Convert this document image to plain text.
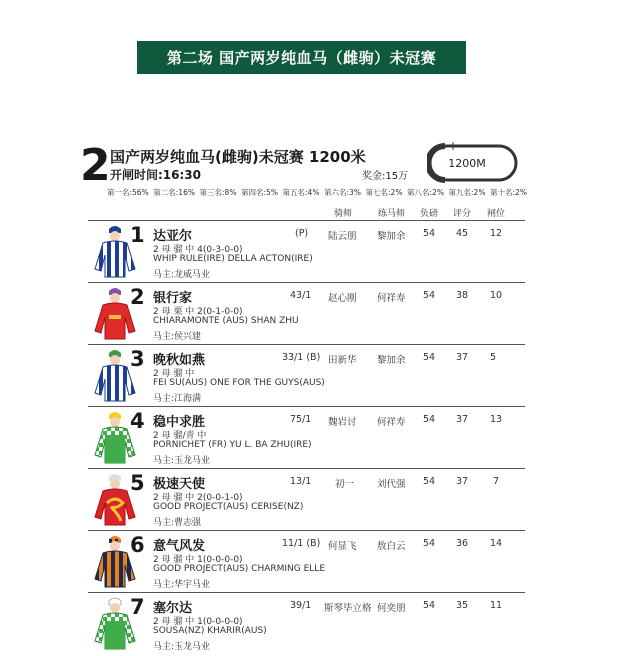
第二场 国产两岁纯血马（雌驹）未冠赛
2 国产两岁纯血马(雌驹)未冠赛 1200米
开闸时间:16:30	奖金:15万
1200M
第一名:56% 第二名:16% 第三名:8% 第四名:5% 第五名:4% 第六名:3% 第七名:2% 第八名:2% 第九名:2% 第十名:2%
骑师	练马师 负磅 评分 闸位
1 达亚尔	(P) 陆云朋 黎加余 54 45 12
2 母 骝 中 4(0-3-0-0)
WHIP RULE(IRE) DELLA ACTON(IRE)
马主:龙威马业
2 银行家	43/1 赵心刚 何祥寿 54 38 10
2 母 栗 中 2(0-1-0-0)
CHIARAMONTE (AUS) SHAN ZHU
马主:侯兴建
3 晚秋如燕	33/1 (B) 田新华 黎加余 54 37 5
2 母 骝 中
FEI SU(AUS) ONE FOR THE GUYS(AUS)
马主:江海满
4 稳中求胜	75/1 魏岩讨 何祥寿 54 37 13
2 母 骝/青 中
PORNICHET (FR) YU L. BA ZHU(IRE)
马主:玉龙马业
5 极速天使	13/1 初一 刘代强 54 37	7
2 母 骝 中 2(0-0-1-0)
GOOD PROJECT(AUS) CERISE(NZ)
马主:曹志强
6 意气风发	11/1 (B) 何显飞 敖白云 54 36 14
2 母 骝 中 1(0-0-0-0)
GOOD PROJECT(AUS) CHARMING ELLE
马主:华宇马业
7 塞尔达	39/1 斯琴毕立格 何奕朋 54 35 11
2 母 骝 中 1(0-0-0-0)
SOUSA(NZ) KHARIR(AUS)
马主:玉龙马业
